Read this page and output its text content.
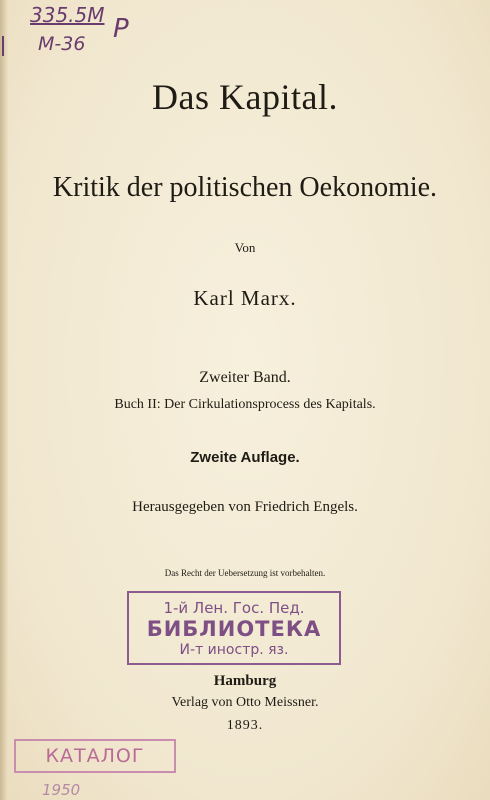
335.5M
M-36 P
Das Kapital.
Kritik der politischen Oekonomie.
Von
Karl Marx.
Zweiter Band.
Buch II: Der Cirkulationsprocess des Kapitals.
Zweite Auflage.
Herausgegeben von Friedrich Engels.
Das Recht der Uebersetzung ist vorbehalten.
1-й Лен. Гос. Пед.
БИБЛИОТЕКА
И-т иностр. яз.
Hamburg
Verlag von Otto Meissner.
1893.
КАТАЛОГ
1950
